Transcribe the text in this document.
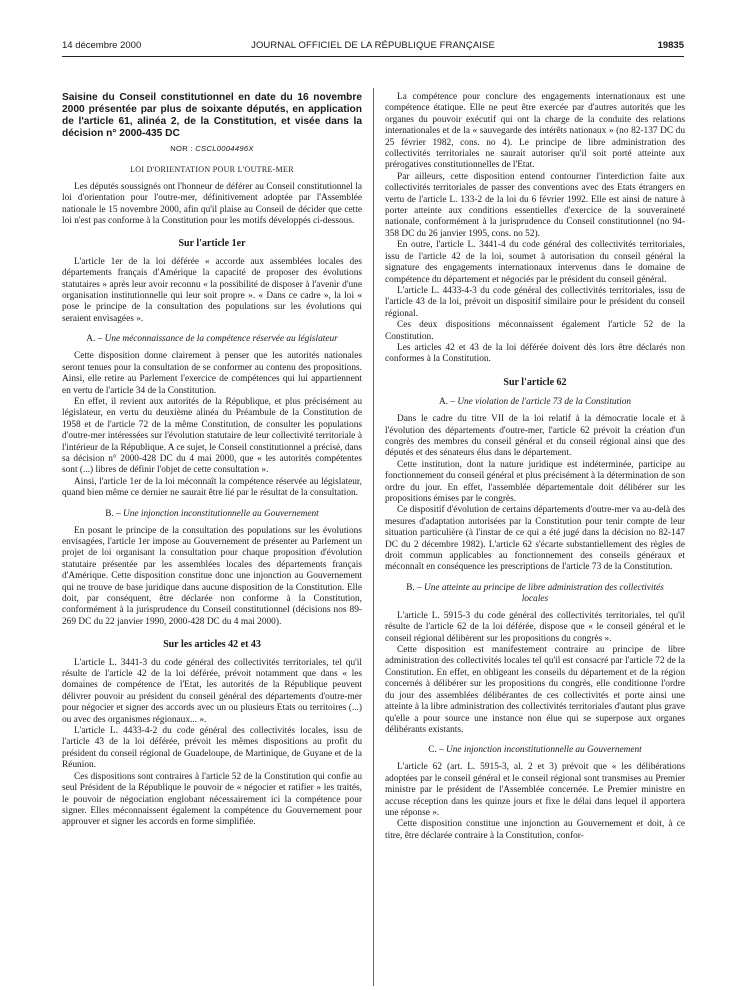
14 décembre 2000	JOURNAL OFFICIEL DE LA RÉPUBLIQUE FRANÇAISE	19835

Saisine du Conseil constitutionnel en date du 16 novembre 2000 présentée par plus de soixante députés, en application de l'article 61, alinéa 2, de la Constitution, et visée dans la décision n° 2000-435 DC

NOR : CSCL0004496X
LOI D'ORIENTATION POUR L'OUTRE-MER

Les députés soussignés ont l'honneur de déférer au Conseil constitutionnel la loi d'orientation pour l'outre-mer, définitivement adoptée par l'Assemblée nationale le 15 novembre 2000, afin qu'il plaise au Conseil de décider que cette loi n'est pas conforme à la Constitution pour les motifs développés ci-dessous.

Sur l'article 1er

L'article 1er de la loi déférée « accorde aux assemblées locales des départements français d'Amérique la capacité de proposer des évolutions statutaires » après leur avoir reconnu « la possibilité de disposer à l'avenir d'une organisation institutionnelle qui leur soit propre ». « Dans ce cadre », la loi « pose le principe de la consultation des populations sur les évolutions qui seraient envisagées ».

A. – Une méconnaissance de la compétence réservée au législateur

Cette disposition donne clairement à penser que les autorités nationales seront tenues pour la consultation de se conformer au contenu des propositions. Ainsi, elle retire au Parlement l'exercice de compétences qui lui appartiennent en vertu de l'article 34 de la Constitution.

En effet, il revient aux autorités de la République, et plus précisément au législateur, en vertu du deuxième alinéa du Préambule de la Constitution de 1958 et de l'article 72 de la même Constitution, de consulter les populations d'outre-mer intéressées sur l'évolution statutaire de leur collectivité territoriale à l'intérieur de la République. A ce sujet, le Conseil constitutionnel a précisé, dans sa décision n° 2000-428 DC du 4 mai 2000, que « les autorités compétentes sont (...) libres de définir l'objet de cette consultation ».

Ainsi, l'article 1er de la loi méconnaît la compétence réservée au législateur, quand bien même ce dernier ne saurait être lié par le résultat de la consultation.

B. – Une injonction inconstitutionnelle au Gouvernement

En posant le principe de la consultation des populations sur les évolutions envisagées, l'article 1er impose au Gouvernement de présenter au Parlement un projet de loi organisant la consultation pour chaque proposition d'évolution statutaire présentée par les assemblées locales des départements français d'Amérique. Cette disposition constitue donc une injonction au Gouvernement qui ne trouve de base juridique dans aucune disposition de la Constitution. Elle doit, par conséquent, être déclarée non conforme à la Constitution, conformément à la jurisprudence du Conseil constitutionnel (décisions nos 89-269 DC du 22 janvier 1990, 2000-428 DC du 4 mai 2000).

Sur les articles 42 et 43

L'article L. 3441-3 du code général des collectivités territoriales, tel qu'il résulte de l'article 42 de la loi déférée, prévoit notamment que dans « les domaines de compétence de l'Etat, les autorités de la République peuvent délivrer pouvoir au président du conseil général des départements d'outre-mer pour négocier et signer des accords avec un ou plusieurs Etats ou territoires (...) ou avec des organismes régionaux... ».

L'article L. 4433-4-2 du code général des collectivités locales, issu de l'article 43 de la loi déférée, prévoit les mêmes dispositions au profit du président du conseil régional de Guadeloupe, de Martinique, de Guyane et de la Réunion.

Ces dispositions sont contraires à l'article 52 de la Constitution qui confie au seul Président de la République le pouvoir de « négocier et ratifier » les traités, le pouvoir de négociation englobant nécessairement ici la compétence pour signer. Elles méconnaissent également la compétence du Gouvernement pour approuver et signer les accords en forme simplifiée.

La compétence pour conclure des engagements internationaux est une compétence étatique. Elle ne peut être exercée par d'autres autorités que les organes du pouvoir exécutif qui ont la charge de la conduite des relations internationales et de la « sauvegarde des intérêts nationaux » (no 82-137 DC du 25 février 1982, cons. no 4). Le principe de libre administration des collectivités territoriales ne saurait autoriser qu'il soit porté atteinte aux prérogatives constitutionnelles de l'Etat.

Par ailleurs, cette disposition entend contourner l'interdiction faite aux collectivités territoriales de passer des conventions avec des Etats étrangers en vertu de l'article L. 133-2 de la loi du 6 février 1992. Elle est ainsi de nature à porter atteinte aux conditions essentielles d'exercice de la souveraineté nationale, conformément à la jurisprudence du Conseil constitutionnel (no 94-358 DC du 26 janvier 1995, cons. no 52).

En outre, l'article L. 3441-4 du code général des collectivités territoriales, issu de l'article 42 de la loi, soumet à autorisation du conseil général la signature des engagements internationaux intervenus dans le domaine de compétence du département et négociés par le président du conseil général.

L'article L. 4433-4-3 du code général des collectivités territoriales, issu de l'article 43 de la loi, prévoit un dispositif similaire pour le président du conseil régional.

Ces deux dispositions méconnaissent également l'article 52 de la Constitution.

Les articles 42 et 43 de la loi déférée doivent dès lors être déclarés non conformes à la Constitution.

Sur l'article 62
A. – Une violation de l'article 73 de la Constitution

Dans le cadre du titre VII de la loi relatif à la démocratie locale et à l'évolution des départements d'outre-mer, l'article 62 prévoit la création d'un congrès des membres du conseil général et du conseil régional ainsi que des députés et des sénateurs élus dans le département.

Cette institution, dont la nature juridique est indéterminée, participe au fonctionnement du conseil général et plus précisément à la détermination de son ordre du jour. En effet, l'assemblée départementale doit délibérer sur les propositions émises par le congrès.

Ce dispositif d'évolution de certains départements d'outre-mer va au-delà des mesures d'adaptation autorisées par la Constitution pour tenir compte de leur situation particulière (à l'instar de ce qui a été jugé dans la décision no 82-147 DC du 2 décembre 1982). L'article 62 s'écarte substantiellement des règles de droit commun applicables au fonctionnement des conseils généraux et méconnaît en conséquence les prescriptions de l'article 73 de la Constitution.

B. – Une atteinte au principe de libre administration des collectivités locales

L'article L. 5915-3 du code général des collectivités territoriales, tel qu'il résulte de l'article 62 de la loi déférée, dispose que « le conseil général et le conseil régional délibèrent sur les propositions du congrès ».

Cette disposition est manifestement contraire au principe de libre administration des collectivités locales tel qu'il est consacré par l'article 72 de la Constitution. En effet, en obligeant les conseils du département et de la région concernés à délibérer sur les propositions du congrès, elle conditionne l'ordre du jour des assemblées délibérantes de ces collectivités et porte ainsi une atteinte à la libre administration des collectivités territoriales d'autant plus grave qu'elle a pour source une instance non élue qui se superpose aux organes délibérants existants.

C. – Une injonction inconstitutionnelle au Gouvernement

L'article 62 (art. L. 5915-3, al. 2 et 3) prévoit que « les délibérations adoptées par le conseil général et le conseil régional sont transmises au Premier ministre par le président de l'Assemblée concernée. Le Premier ministre en accuse réception dans les quinze jours et fixe le délai dans lequel il apportera une réponse ».

Cette disposition constitue une injonction au Gouvernement et doit, à ce titre, être déclarée contraire à la Constitution, confor-
